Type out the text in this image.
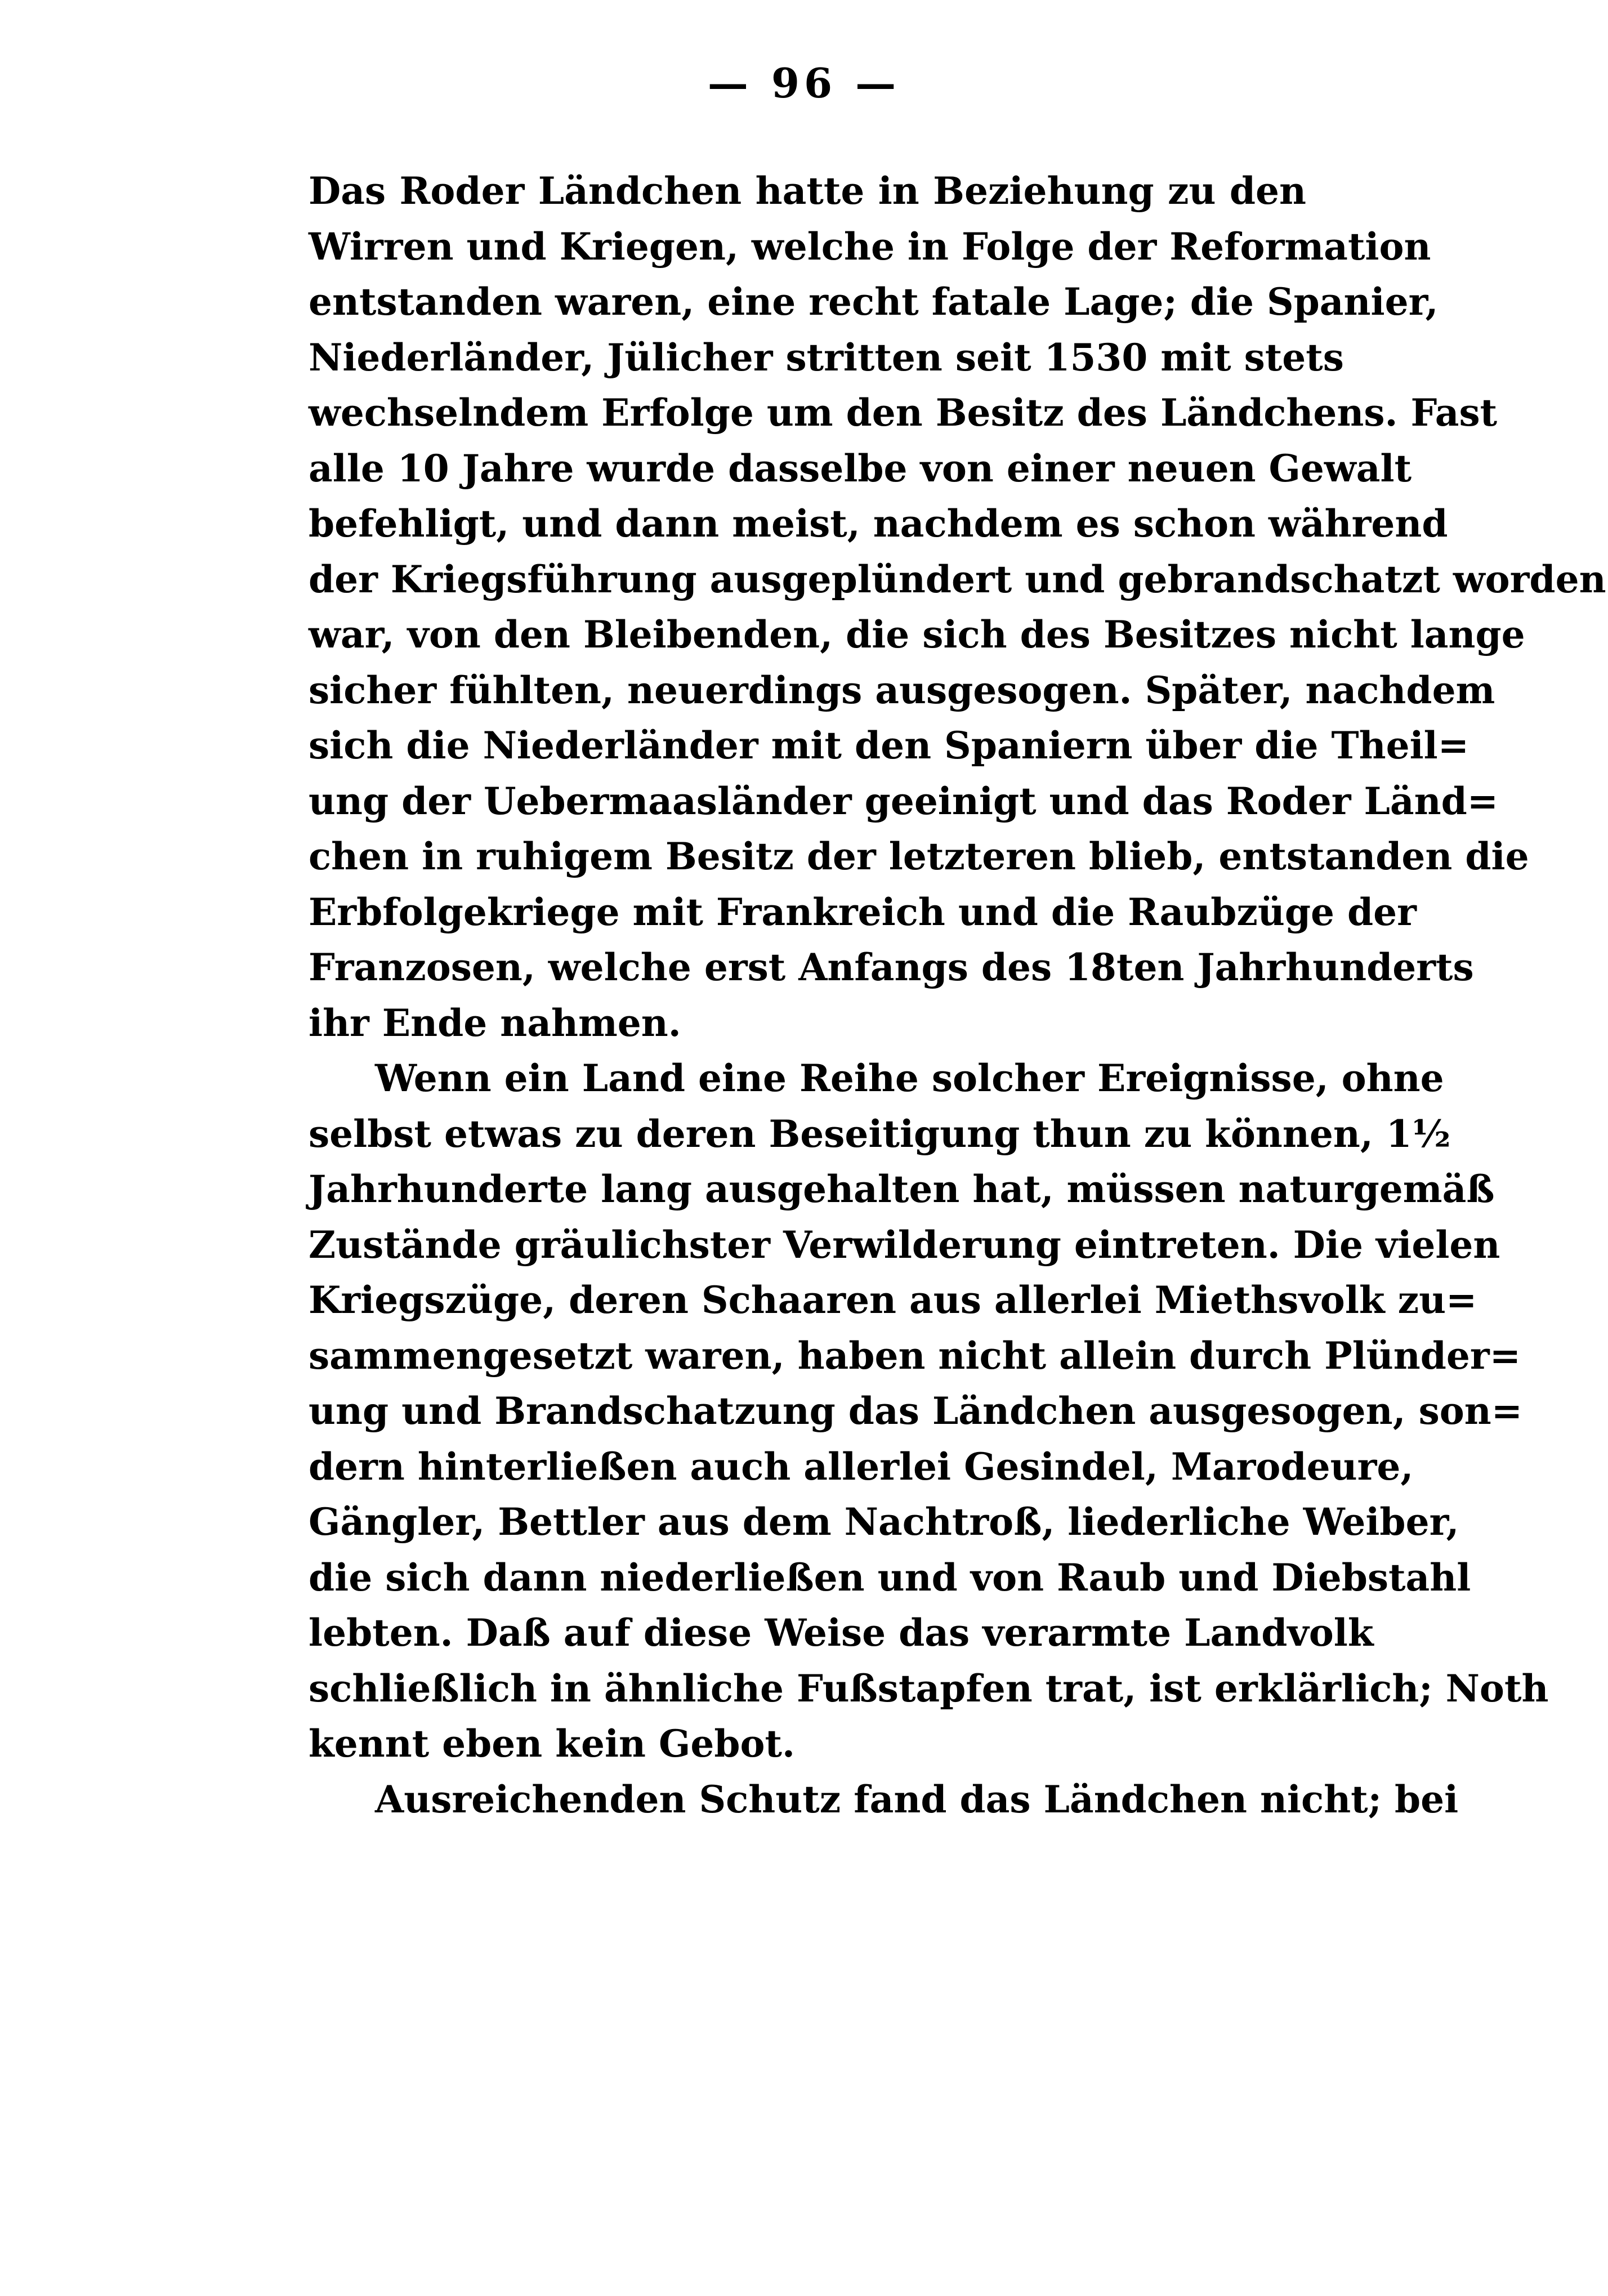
— 96 —
Das Roder Ländchen hatte in Beziehung zu den
Wirren und Kriegen, welche in Folge der Reformation
entstanden waren, eine recht fatale Lage; die Spanier,
Niederländer, Jülicher stritten seit 1530 mit stets
wechselndem Erfolge um den Besitz des Ländchens. Fast
alle 10 Jahre wurde dasselbe von einer neuen Gewalt
befehligt, und dann meist, nachdem es schon während
der Kriegsführung ausgeplündert und gebrandschatzt worden
war, von den Bleibenden, die sich des Besitzes nicht lange
sicher fühlten, neuerdings ausgesogen. Später, nachdem
sich die Niederländer mit den Spaniern über die Theil=
ung der Uebermaasländer geeinigt und das Roder Länd=
chen in ruhigem Besitz der letzteren blieb, entstanden die
Erbfolgekriege mit Frankreich und die Raubzüge der
Franzosen, welche erst Anfangs des 18ten Jahrhunderts
ihr Ende nahmen.
Wenn ein Land eine Reihe solcher Ereignisse, ohne
selbst etwas zu deren Beseitigung thun zu können, 1½
Jahrhunderte lang ausgehalten hat, müssen naturgemäß
Zustände gräulichster Verwilderung eintreten. Die vielen
Kriegszüge, deren Schaaren aus allerlei Miethsvolk zu=
sammengesetzt waren, haben nicht allein durch Plünder=
ung und Brandschatzung das Ländchen ausgesogen, son=
dern hinterließen auch allerlei Gesindel, Marodeure,
Gängler, Bettler aus dem Nachtroß, liederliche Weiber,
die sich dann niederließen und von Raub und Diebstahl
lebten. Daß auf diese Weise das verarmte Landvolk
schließlich in ähnliche Fußstapfen trat, ist erklärlich; Noth
kennt eben kein Gebot.
Ausreichenden Schutz fand das Ländchen nicht; bei
